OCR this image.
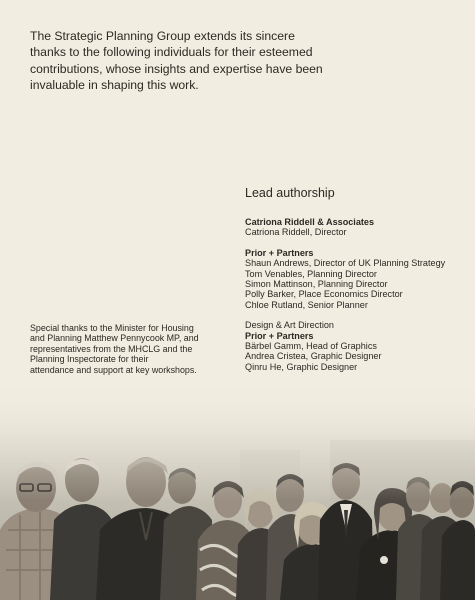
The Strategic Planning Group extends its sincere
thanks to the following individuals for their esteemed
contributions, whose insights and expertise have been
invaluable in shaping this work.
Lead authorship
Catriona Riddell & Associates
Catriona Riddell, Director
Prior + Partners
Shaun Andrews, Director of UK Planning Strategy
Tom Venables, Planning Director
Simon Mattinson, Planning Director
Polly Barker, Place Economics Director
Chloe Rutland, Senior Planner
Design & Art Direction
Prior + Partners
Bärbel Gamm, Head of Graphics
Andrea Cristea, Graphic Designer
Qinru He, Graphic Designer
Special thanks to the Minister for Housing
and Planning Matthew Pennycook MP, and
representatives from the MHCLG and the
Planning Inspectorate for their
attendance and support at key workshops.
